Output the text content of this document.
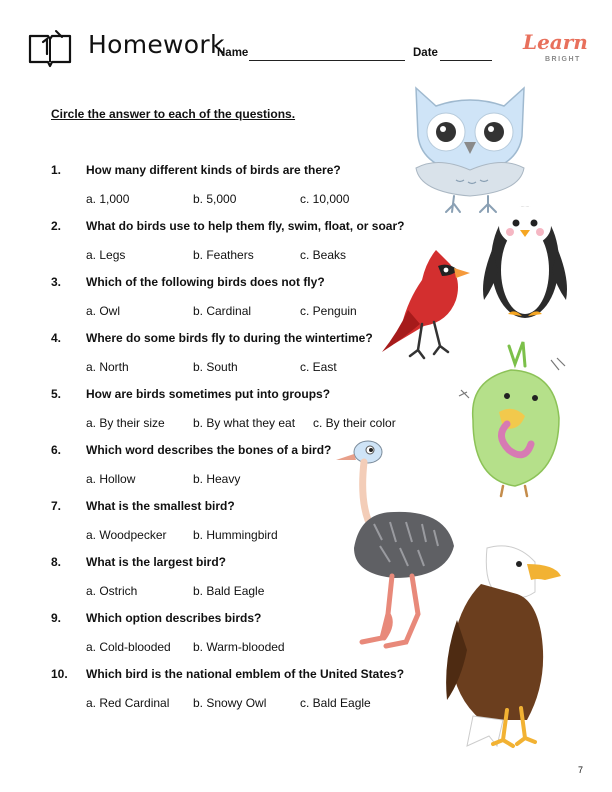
Homework
Name	Date	Learn
BRIGHT
Circle the answer to each of the questions.
1. How many different kinds of birds are there?
a. 1,000	b. 5,000	c. 10,000
2. What do birds use to help them fly, swim, float, or soar?
a. Legs	b. Feathers	c. Beaks
3. Which of the following birds does not fly?
a. Owl	b. Cardinal	c. Penguin
4. Where do some birds fly to during the wintertime?
a. North	b. South	c. East
5. How are birds sometimes put into groups?
a. By their size b. By what they eat c. By their color
6. Which word describes the bones of a bird?
a. Hollow	b. Heavy
7. What is the smallest bird?
a. Woodpecker b. Hummingbird
8. What is the largest bird?
a. Ostrich	b. Bald Eagle
9. Which option describes birds?
a. Cold-blooded b. Warm-blooded
10. Which bird is the national emblem of the United States?
a. Red Cardinal b. Snowy Owl	c. Bald Eagle
7
